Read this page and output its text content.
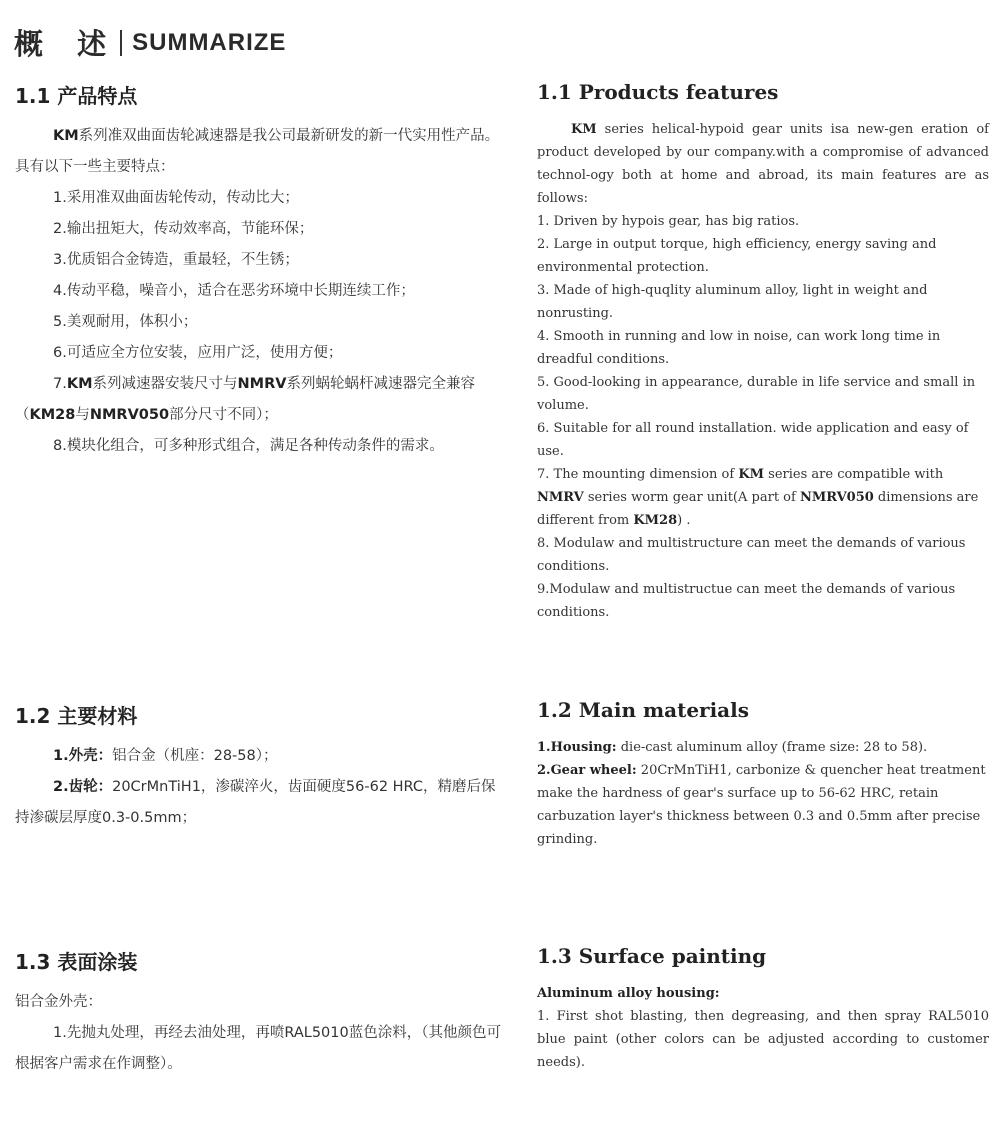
概 述 SUMMARIZE
1.1 产品特点

KM系列准双曲面齿轮减速器是我公司最新研发的新一代实用性产品。具有以下一些主要特点：

1.采用准双曲面齿轮传动，传动比大；

2.输出扭矩大，传动效率高，节能环保；

3.优质铝合金铸造，重最轻，不生锈；

4.传动平稳，噪音小，适合在恶劣环境中长期连续工作；

5.美观耐用，体积小；

6.可适应全方位安装，应用广泛，使用方便；

7.KM系列减速器安装尺寸与NMRV系列蜗轮蜗杆减速器完全兼容（KM28与NMRV050部分尺寸不同）；

8.模块化组合，可多种形式组合，满足各种传动条件的需求。

1.1 Products features

KM series helical-hypoid gear units isa new-gen eration of product developed by our company.with a compromise of advanced technol-ogy both at home and abroad, its main features are as follows:

1. Driven by hypois gear, has big ratios.

2. Large in output torque, high efficiency, energy saving and environmental protection.

3. Made of high-quqlity aluminum alloy, light in weight and nonrusting.

4. Smooth in running and low in noise, can work long time in dreadful conditions.

5. Good-looking in appearance, durable in life service and small in volume.

6. Suitable for all round installation. wide application and easy of use.

7. The mounting dimension of KM series are compatible with NMRV series worm gear unit(A part of NMRV050 dimensions are different from KM28) .

8. Modulaw and multistructure can meet the demands of various conditions.

9.Modulaw and multistructue can meet the demands of various conditions.

1.2 主要材料

1.外壳：铝合金（机座：28-58）；

2.齿轮：20CrMnTiH1，渗碳淬火，齿面硬度56-62 HRC，精磨后保持渗碳层厚度0.3-0.5mm；

1.2 Main materials

1.Housing: die-cast aluminum alloy (frame size: 28 to 58).

2.Gear wheel: 20CrMnTiH1, carbonize & quencher heat treatment make the hardness of gear's surface up to 56-62 HRC, retain carbuzation layer's thickness between 0.3 and 0.5mm after precise grinding.

1.3 表面涂装

铝合金外壳：

1.先抛丸处理，再经去油处理，再喷RAL5010蓝色涂料，（其他颜色可根据客户需求在作调整）。

1.3 Surface painting

Aluminum alloy housing:

1. First shot blasting, then degreasing, and then spray RAL5010 blue paint (other colors can be adjusted according to customer needs).
